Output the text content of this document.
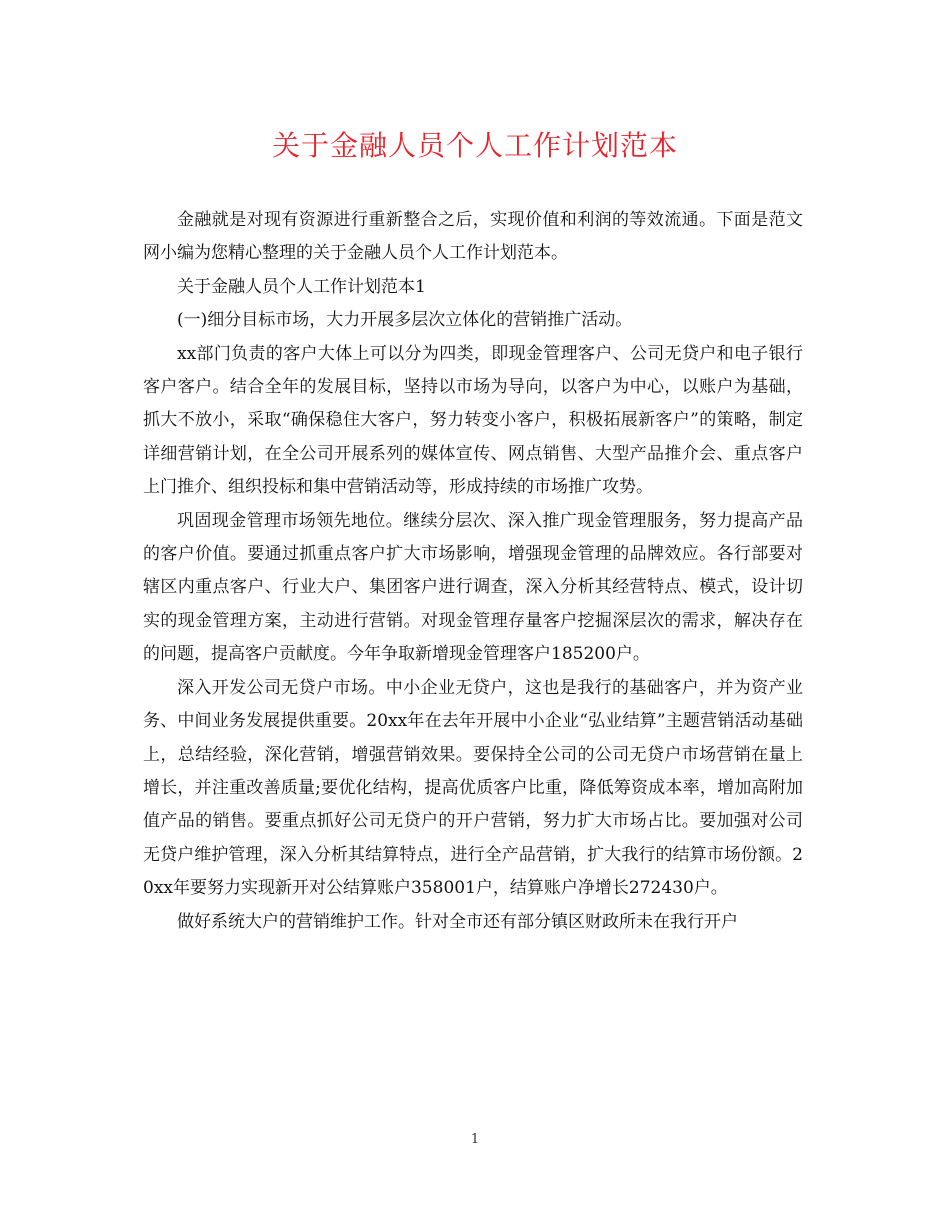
关于金融人员个人工作计划范本

金融就是对现有资源进行重新整合之后，实现价值和利润的等效流通。下面是范文网小编为您精心整理的关于金融人员个人工作计划范本。

关于金融人员个人工作计划范本1

(一)细分目标市场，大力开展多层次立体化的营销推广活动。

xx部门负责的客户大体上可以分为四类，即现金管理客户、公司无贷户和电子银行客户客户。结合全年的发展目标，坚持以市场为导向，以客户为中心，以账户为基础，抓大不放小，采取“确保稳住大客户，努力转变小客户，积极拓展新客户”的策略，制定详细营销计划，在全公司开展系列的媒体宣传、网点销售、大型产品推介会、重点客户上门推介、组织投标和集中营销活动等，形成持续的市场推广攻势。

巩固现金管理市场领先地位。继续分层次、深入推广现金管理服务，努力提高产品的客户价值。要通过抓重点客户扩大市场影响，增强现金管理的品牌效应。各行部要对辖区内重点客户、行业大户、集团客户进行调查，深入分析其经营特点、模式，设计切实的现金管理方案，主动进行营销。对现金管理存量客户挖掘深层次的需求，解决存在的问题，提高客户贡献度。今年争取新增现金管理客户185200户。

深入开发公司无贷户市场。中小企业无贷户，这也是我行的基础客户，并为资产业务、中间业务发展提供重要。20xx年在去年开展中小企业“弘业结算”主题营销活动基础上，总结经验，深化营销，增强营销效果。要保持全公司的公司无贷户市场营销在量上增长，并注重改善质量;要优化结构，提高优质客户比重，降低筹资成本率，增加高附加值产品的销售。要重点抓好公司无贷户的开户营销，努力扩大市场占比。要加强对公司无贷户维护管理，深入分析其结算特点，进行全产品营销，扩大我行的结算市场份额。20xx年要努力实现新开对公结算账户358001户，结算账户净增长272430户。

做好系统大户的营销维护工作。针对全市还有部分镇区财政所未在我行开户

1
